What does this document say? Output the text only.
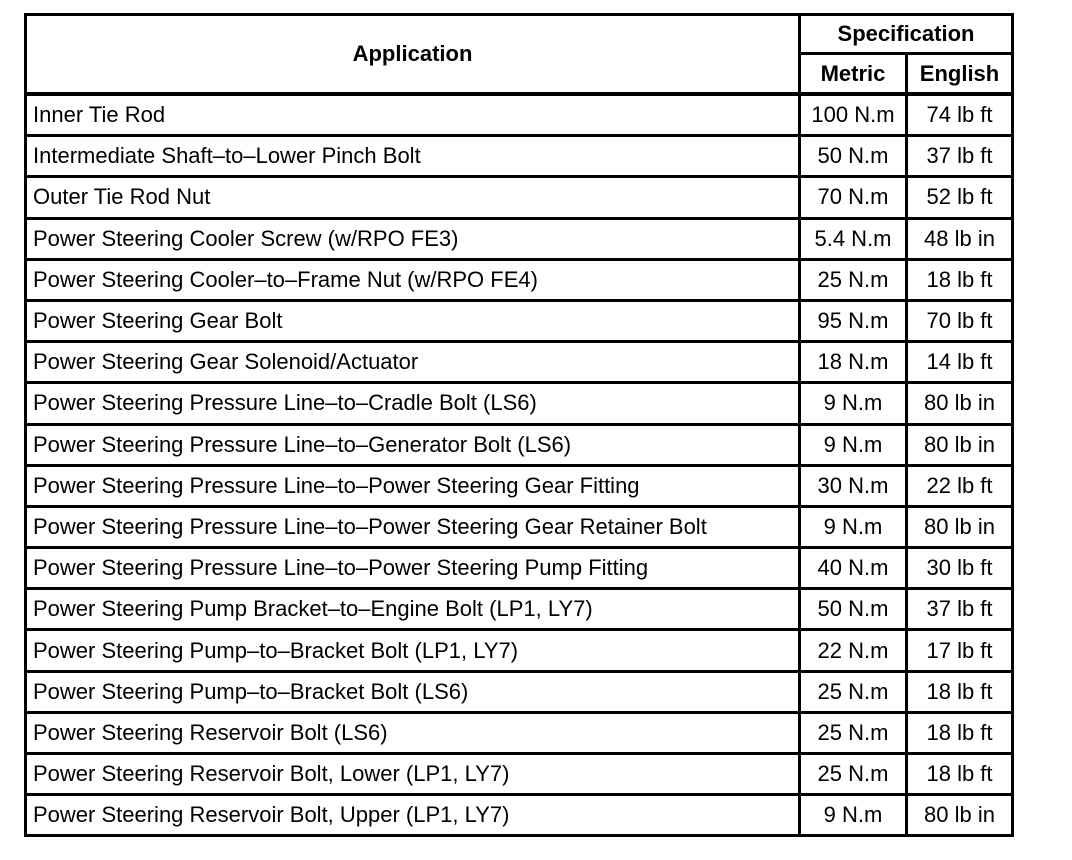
Application	Specification	
	Metric	English
Inner Tie Rod	100 N.m	74 lb ft
Intermediate Shaft–to–Lower Pinch Bolt	50 N.m	37 lb ft
Outer Tie Rod Nut	70 N.m	52 lb ft
Power Steering Cooler Screw (w/RPO FE3)	5.4 N.m	48 lb in
Power Steering Cooler–to–Frame Nut (w/RPO FE4)	25 N.m	18 lb ft
Power Steering Gear Bolt	95 N.m	70 lb ft
Power Steering Gear Solenoid/Actuator	18 N.m	14 lb ft
Power Steering Pressure Line–to–Cradle Bolt (LS6)	9 N.m	80 lb in
Power Steering Pressure Line–to–Generator Bolt (LS6)	9 N.m	80 lb in
Power Steering Pressure Line–to–Power Steering Gear Fitting	30 N.m	22 lb ft
Power Steering Pressure Line–to–Power Steering Gear Retainer Bolt	9 N.m	80 lb in
Power Steering Pressure Line–to–Power Steering Pump Fitting	40 N.m	30 lb ft
Power Steering Pump Bracket–to–Engine Bolt (LP1, LY7)	50 N.m	37 lb ft
Power Steering Pump–to–Bracket Bolt (LP1, LY7)	22 N.m	17 lb ft
Power Steering Pump–to–Bracket Bolt (LS6)	25 N.m	18 lb ft
Power Steering Reservoir Bolt (LS6)	25 N.m	18 lb ft
Power Steering Reservoir Bolt, Lower (LP1, LY7)	25 N.m	18 lb ft
Power Steering Reservoir Bolt, Upper (LP1, LY7)	9 N.m	80 lb in
